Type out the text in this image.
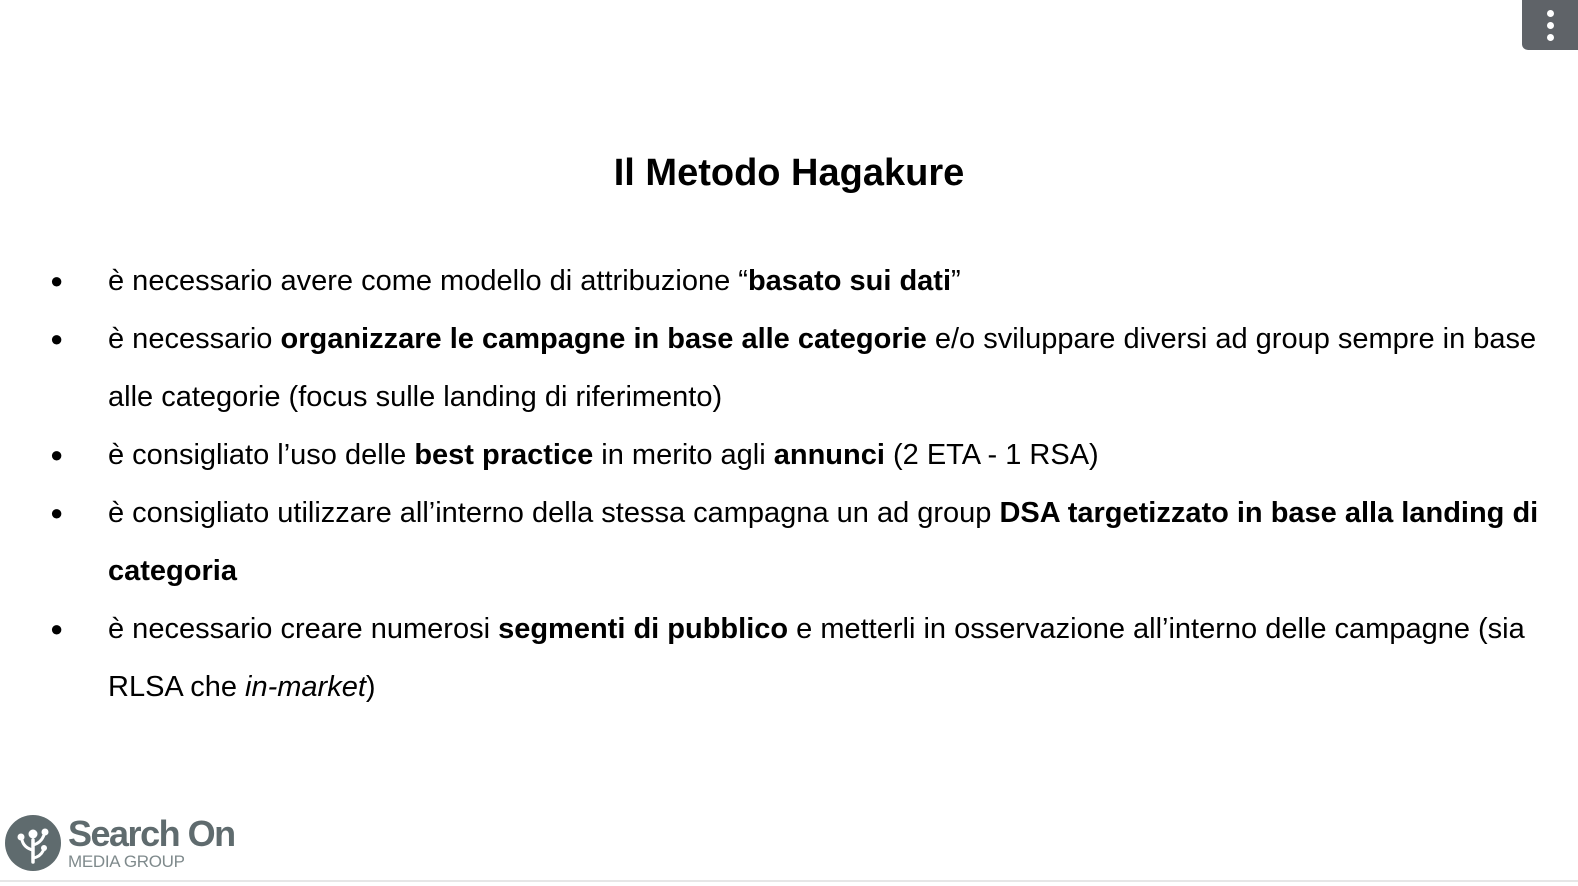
Il Metodo Hagakure
● è necessario avere come modello di attribuzione “basato sui dati”
● è necessario organizzare le campagne in base alle categorie e/o sviluppare diversi ad group sempre in base alle categorie (focus sulle landing di riferimento)
● è consigliato l’uso delle best practice in merito agli annunci (2 ETA - 1 RSA)
● è consigliato utilizzare all’interno della stessa campagna un ad group DSA targetizzato in base alla landing di categoria
● è necessario creare numerosi segmenti di pubblico e metterli in osservazione all’interno delle campagne (sia RLSA che in-market)
Search On
MEDIA GROUP
